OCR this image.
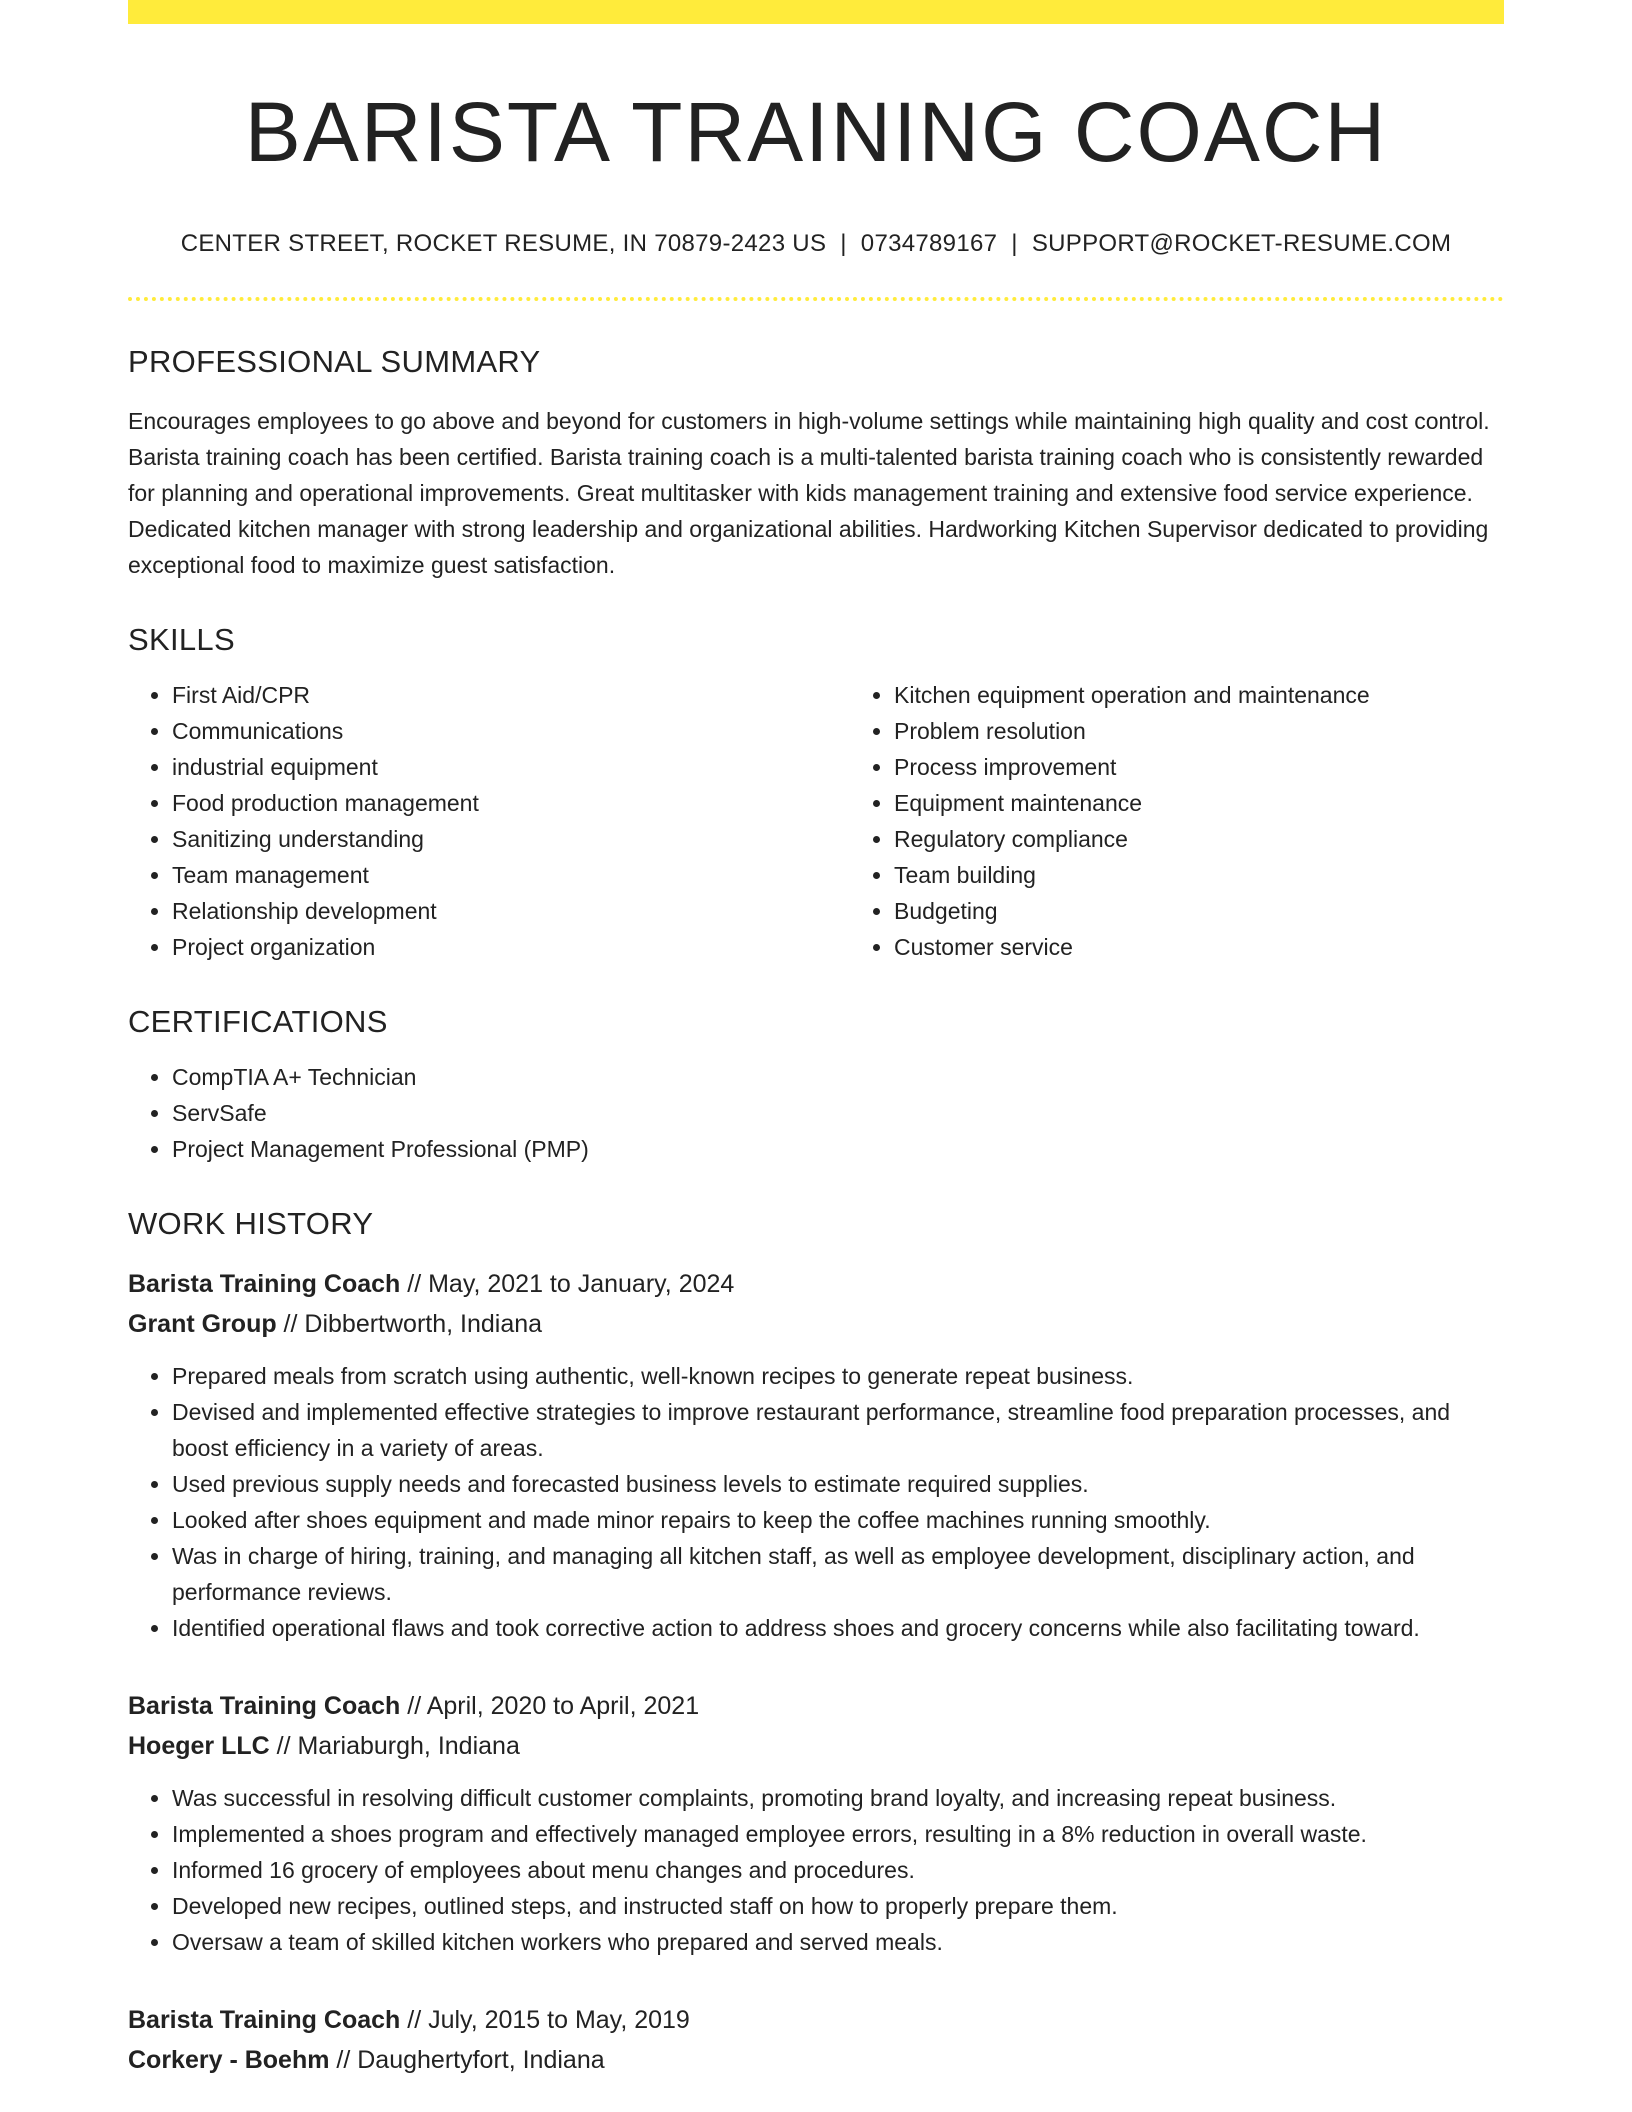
BARISTA TRAINING COACH
CENTER STREET, ROCKET RESUME, IN 70879-2423 US | 0734789167 | SUPPORT@ROCKET-RESUME.COM
PROFESSIONAL SUMMARY

Encourages employees to go above and beyond for customers in high-volume settings while maintaining high quality and cost control. Barista training coach has been certified. Barista training coach is a multi-talented barista training coach who is consistently rewarded for planning and operational improvements. Great multitasker with kids management training and extensive food service experience. Dedicated kitchen manager with strong leadership and organizational abilities. Hardworking Kitchen Supervisor dedicated to providing exceptional food to maximize guest satisfaction.

SKILLS
• First Aid/CPR
• Communications
• industrial equipment
• Food production management
• Sanitizing understanding
• Team management
• Relationship development
• Project organization
• Kitchen equipment operation and maintenance
• Problem resolution
• Process improvement
• Equipment maintenance
• Regulatory compliance
• Team building
• Budgeting
• Customer service
CERTIFICATIONS
• CompTIA A+ Technician
• ServSafe
• Project Management Professional (PMP)
WORK HISTORY
Barista Training Coach // May, 2021 to January, 2024
Grant Group // Dibbertworth, Indiana
• Prepared meals from scratch using authentic, well-known recipes to generate repeat business.
• Devised and implemented effective strategies to improve restaurant performance, streamline food preparation processes, and boost efficiency in a variety of areas.
• Used previous supply needs and forecasted business levels to estimate required supplies.
• Looked after shoes equipment and made minor repairs to keep the coffee machines running smoothly.
• Was in charge of hiring, training, and managing all kitchen staff, as well as employee development, disciplinary action, and performance reviews.
• Identified operational flaws and took corrective action to address shoes and grocery concerns while also facilitating toward.
Barista Training Coach // April, 2020 to April, 2021
Hoeger LLC // Mariaburgh, Indiana
• Was successful in resolving difficult customer complaints, promoting brand loyalty, and increasing repeat business.
• Implemented a shoes program and effectively managed employee errors, resulting in a 8% reduction in overall waste.
• Informed 16 grocery of employees about menu changes and procedures.
• Developed new recipes, outlined steps, and instructed staff on how to properly prepare them.
• Oversaw a team of skilled kitchen workers who prepared and served meals.
Barista Training Coach // July, 2015 to May, 2019
Corkery - Boehm // Daughertyfort, Indiana
